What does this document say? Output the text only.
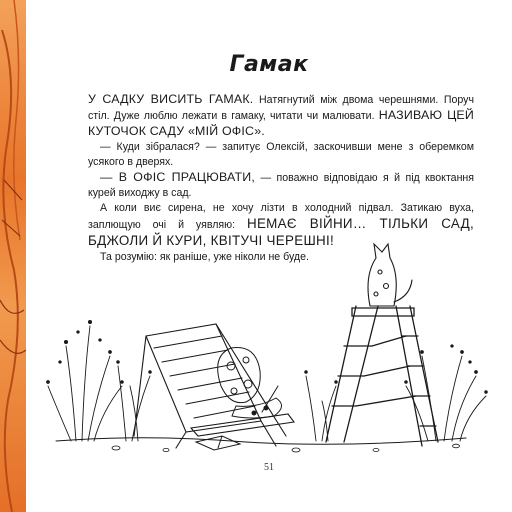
Гамак

У САДКУ ВИСИТЬ ГАМАК. Натягнутий між двома черешнями. Поруч стіл. Дуже люблю лежати в гамаку, читати чи малювати. НАЗИВАЮ ЦЕЙ КУТОЧОК САДУ «МІЙ ОФІС».

— Куди зібралася? — запитує Олексій, заскочивши мене з оберемком усякого в дверях.

— В ОФІС ПРАЦЮВАТИ, — поважно відповідаю я й під квоктання курей виходжу в сад.

А коли виє сирена, не хочу лізти в холодний підвал. Затикаю вуха, заплющую очі й уявляю: НЕМАЄ ВІЙНИ… ТІЛЬКИ САД, БДЖОЛИ Й КУРИ, КВІТУЧІ ЧЕРЕШНІ!

Та розумію: як раніше, уже ніколи не буде.

51
